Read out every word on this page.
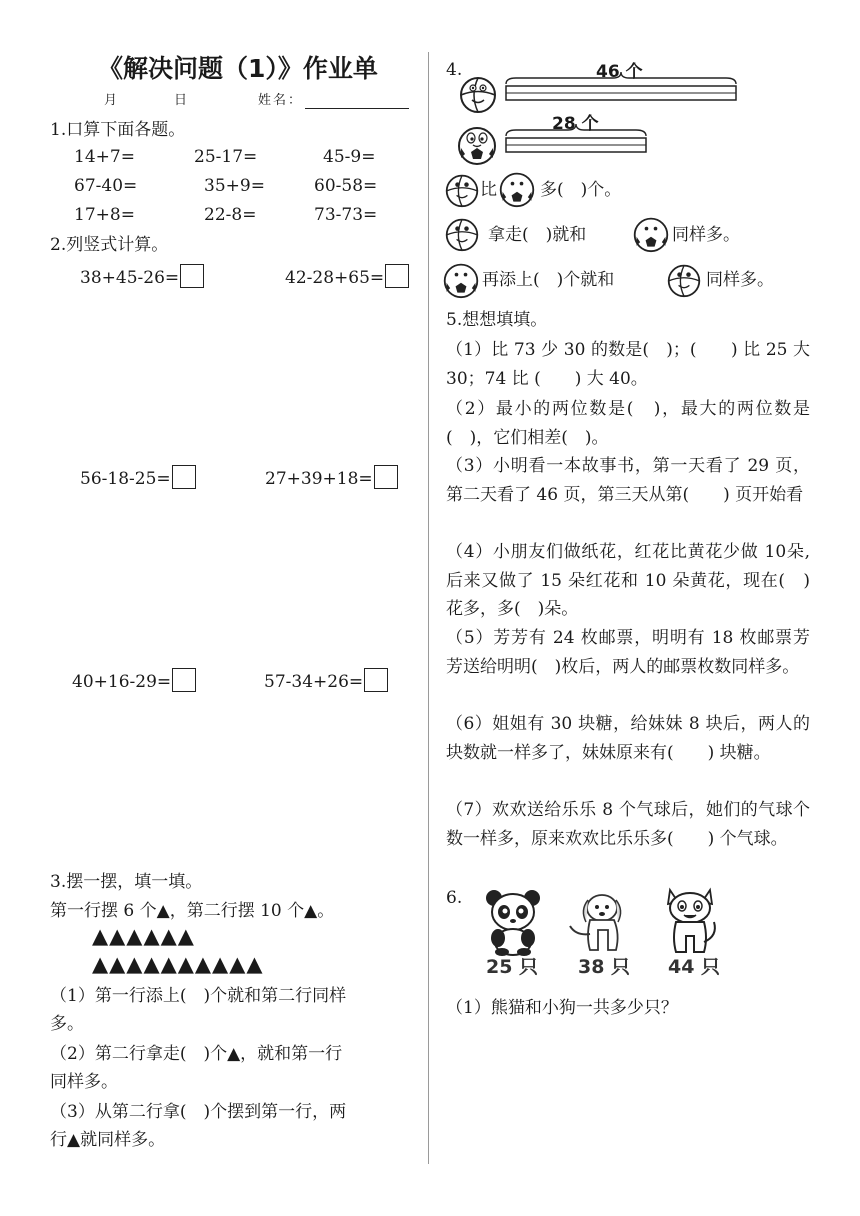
《解决问题（1）》作业单
月	日	姓名：
1.口算下面各题。
14+7=	25-17=	45-9=
67-40=	35+9=	60-58=
17+8=	22-8=	73-73=
2.列竖式计算。
38+45-26=	42-28+65=
56-18-25=	27+39+18=
40+16-29=	57-34+26=
3.摆一摆，填一填。
第一行摆 6 个▲，第二行摆 10 个▲。
▲▲▲▲▲▲
▲▲▲▲▲▲▲▲▲▲
（1）第一行添上(　)个就和第二行同样
多。
（2）第二行拿走(　)个▲，就和第一行
同样多。
（3）从第二行拿(　)个摆到第一行，两
行▲就同样多。
4.	46 个
28 个
比	多(　)个。
拿走(　)就和	同样多。
再添上(　)个就和	同样多。
5.想想填填。
（1）比 73 少 30 的数是(　)；(　　) 比 25 大 30；74 比 (　　) 大 40。
（2）最小的两位数是(　)，最大的两位数是(　)，它们相差(　)。
（3）小明看一本故事书，第一天看了 29 页，第二天看了 46 页，第三天从第(　　) 页开始看
（4）小朋友们做纸花，红花比黄花少做 10朵,后来又做了 15 朵红花和 10 朵黄花，现在(　)花多，多(　)朵。
（5）芳芳有 24 枚邮票，明明有 18 枚邮票芳芳送给明明(　)枚后，两人的邮票枚数同样多。
（6）姐姐有 30 块糖，给妹妹 8 块后，两人的块数就一样多了，妹妹原来有(　　) 块糖。
（7）欢欢送给乐乐 8 个气球后，她们的气球个数一样多，原来欢欢比乐乐多(　　) 个气球。
6.
25 只 38 只 44 只
（1）熊猫和小狗一共多少只？
